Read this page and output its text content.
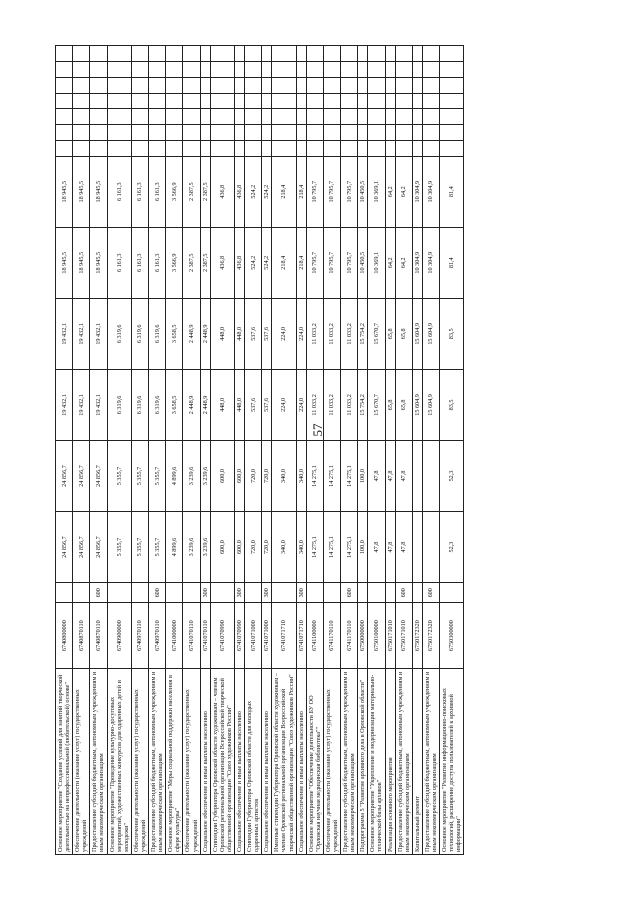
57
Основное мероприятие "Создание условий для занятий творческой деятельностью на непрофессиональной (любительской) основе"	6740800000		24 856,7	24 856,7	19 432,1	19 432,1	18 945,5	18 945,5							
Обеспечение деятельности (оказание услуг) государственных учреждений	6740870110		24 856,7	24 856,7	19 432,1	19 432,1	18 945,5	18 945,5							
Предоставление субсидий бюджетным, автономным учреждениям и иным некоммерческим организациям	6740870110	600	24 856,7	24 856,7	19 432,1	19 432,1	18 945,5	18 945,5							
Основное мероприятие "Проведение культурно-досуговых мероприятий, художественных конкурсов для одаренных детей и молодежи"	6740900000		5 355,7	5 355,7	6 319,6	6 319,6	6 161,3	6 161,3							
Обеспечение деятельности (оказание услуг) государственных учреждений	6740970110		5 355,7	5 355,7	6 319,6	6 319,6	6 161,3	6 161,3							
Предоставление субсидий бюджетным, автономным учреждениям и иным некоммерческим организациям	6740970110	600	5 355,7	5 355,7	6 319,6	6 319,6	6 161,3	6 161,3							
Основное мероприятие "Меры социальной поддержки населения в сфере культуры"	6741000000		4 899,6	4 899,6	3 658,5	3 658,5	3 566,9	3 566,9							
Обеспечение деятельности (оказание услуг) государственных учреждений	6741070110		3 239,6	3 239,6	2 448,9	2 448,9	2 387,5	2 387,5							
Социальное обеспечение и иные выплаты населению	6741070110	300	3 239,6	3 239,6	2 448,9	2 448,9	2 387,5	2 387,5							
Стипендии Губернатора Орловской области художникам – членам Орловской региональной организации Всероссийской творческой общественной организации "Союз художников России"	6741070990		600,0	600,0	448,0	448,0	436,8	436,8							
Социальное обеспечение и иные выплаты населению	6741070990	300	600,0	600,0	448,0	448,0	436,8	436,8							
Стипендии Губернатора Орловской области для молодых одаренных артистов	6741071000		720,0	720,0	537,6	537,6	524,2	524,2							
Социальное обеспечение и иные выплаты населению	6741071000	300	720,0	720,0	537,6	537,6	524,2	524,2							
Именные стипендии Губернатора Орловской области художникам – членам Орловской региональной организации Всероссийской творческой общественной организации "Союз художников России"	6741071710		340,0	340,0	224,0	224,0	218,4	218,4							
Социальное обеспечение и иные выплаты населению	6741071710	300	340,0	340,0	224,0	224,0	218,4	218,4							
Основное мероприятие "Обеспечение деятельности БУ ОО "Орловская научная медицинская библиотека""	6741100000		14 275,1	14 275,1	11 033,2	11 033,2	10 795,7	10 795,7							
Обеспечение деятельности (оказание услуг) государственных учреждений	6741170110		14 275,1	14 275,1	11 033,2	11 033,2	10 795,7	10 795,7							
Предоставление субсидий бюджетным, автономным учреждениям и иным некоммерческим организациям	6741170110	600	14 275,1	14 275,1	11 033,2	11 033,2	10 795,7	10 795,7							
Подпрограмма 5 "Развитие архивного дела в Орловской области"	6750000000		100,0	100,0	15 754,2	15 754,2	10 450,5	10 450,5							
Основное мероприятие "Укрепление и модернизация материально-технической базы архивов"	6750100000		47,8	47,8	15 670,7	15 670,7	10 369,1	10 369,1							
Реализация основного мероприятия	6750171010		47,8	47,8	65,8	65,8	64,2	64,2							
Предоставление субсидий бюджетным, автономным учреждениям и иным некоммерческим организациям	6750171010	600	47,8	47,8	65,8	65,8	64,2	64,2							
Капитальный ремонт	6750172320				15 604,9	15 604,9	10 304,9	10 304,9							
Предоставление субсидий бюджетным, автономным учреждениям и иным некоммерческим организациям	6750172320	600			15 604,9	15 604,9	10 304,9	10 304,9							
Основное мероприятие "Развитие информационно-поисковых технологий, расширение доступа пользователей к архивной информации"	6750300000		52,3	52,3	83,5	83,5	81,4	81,4							
